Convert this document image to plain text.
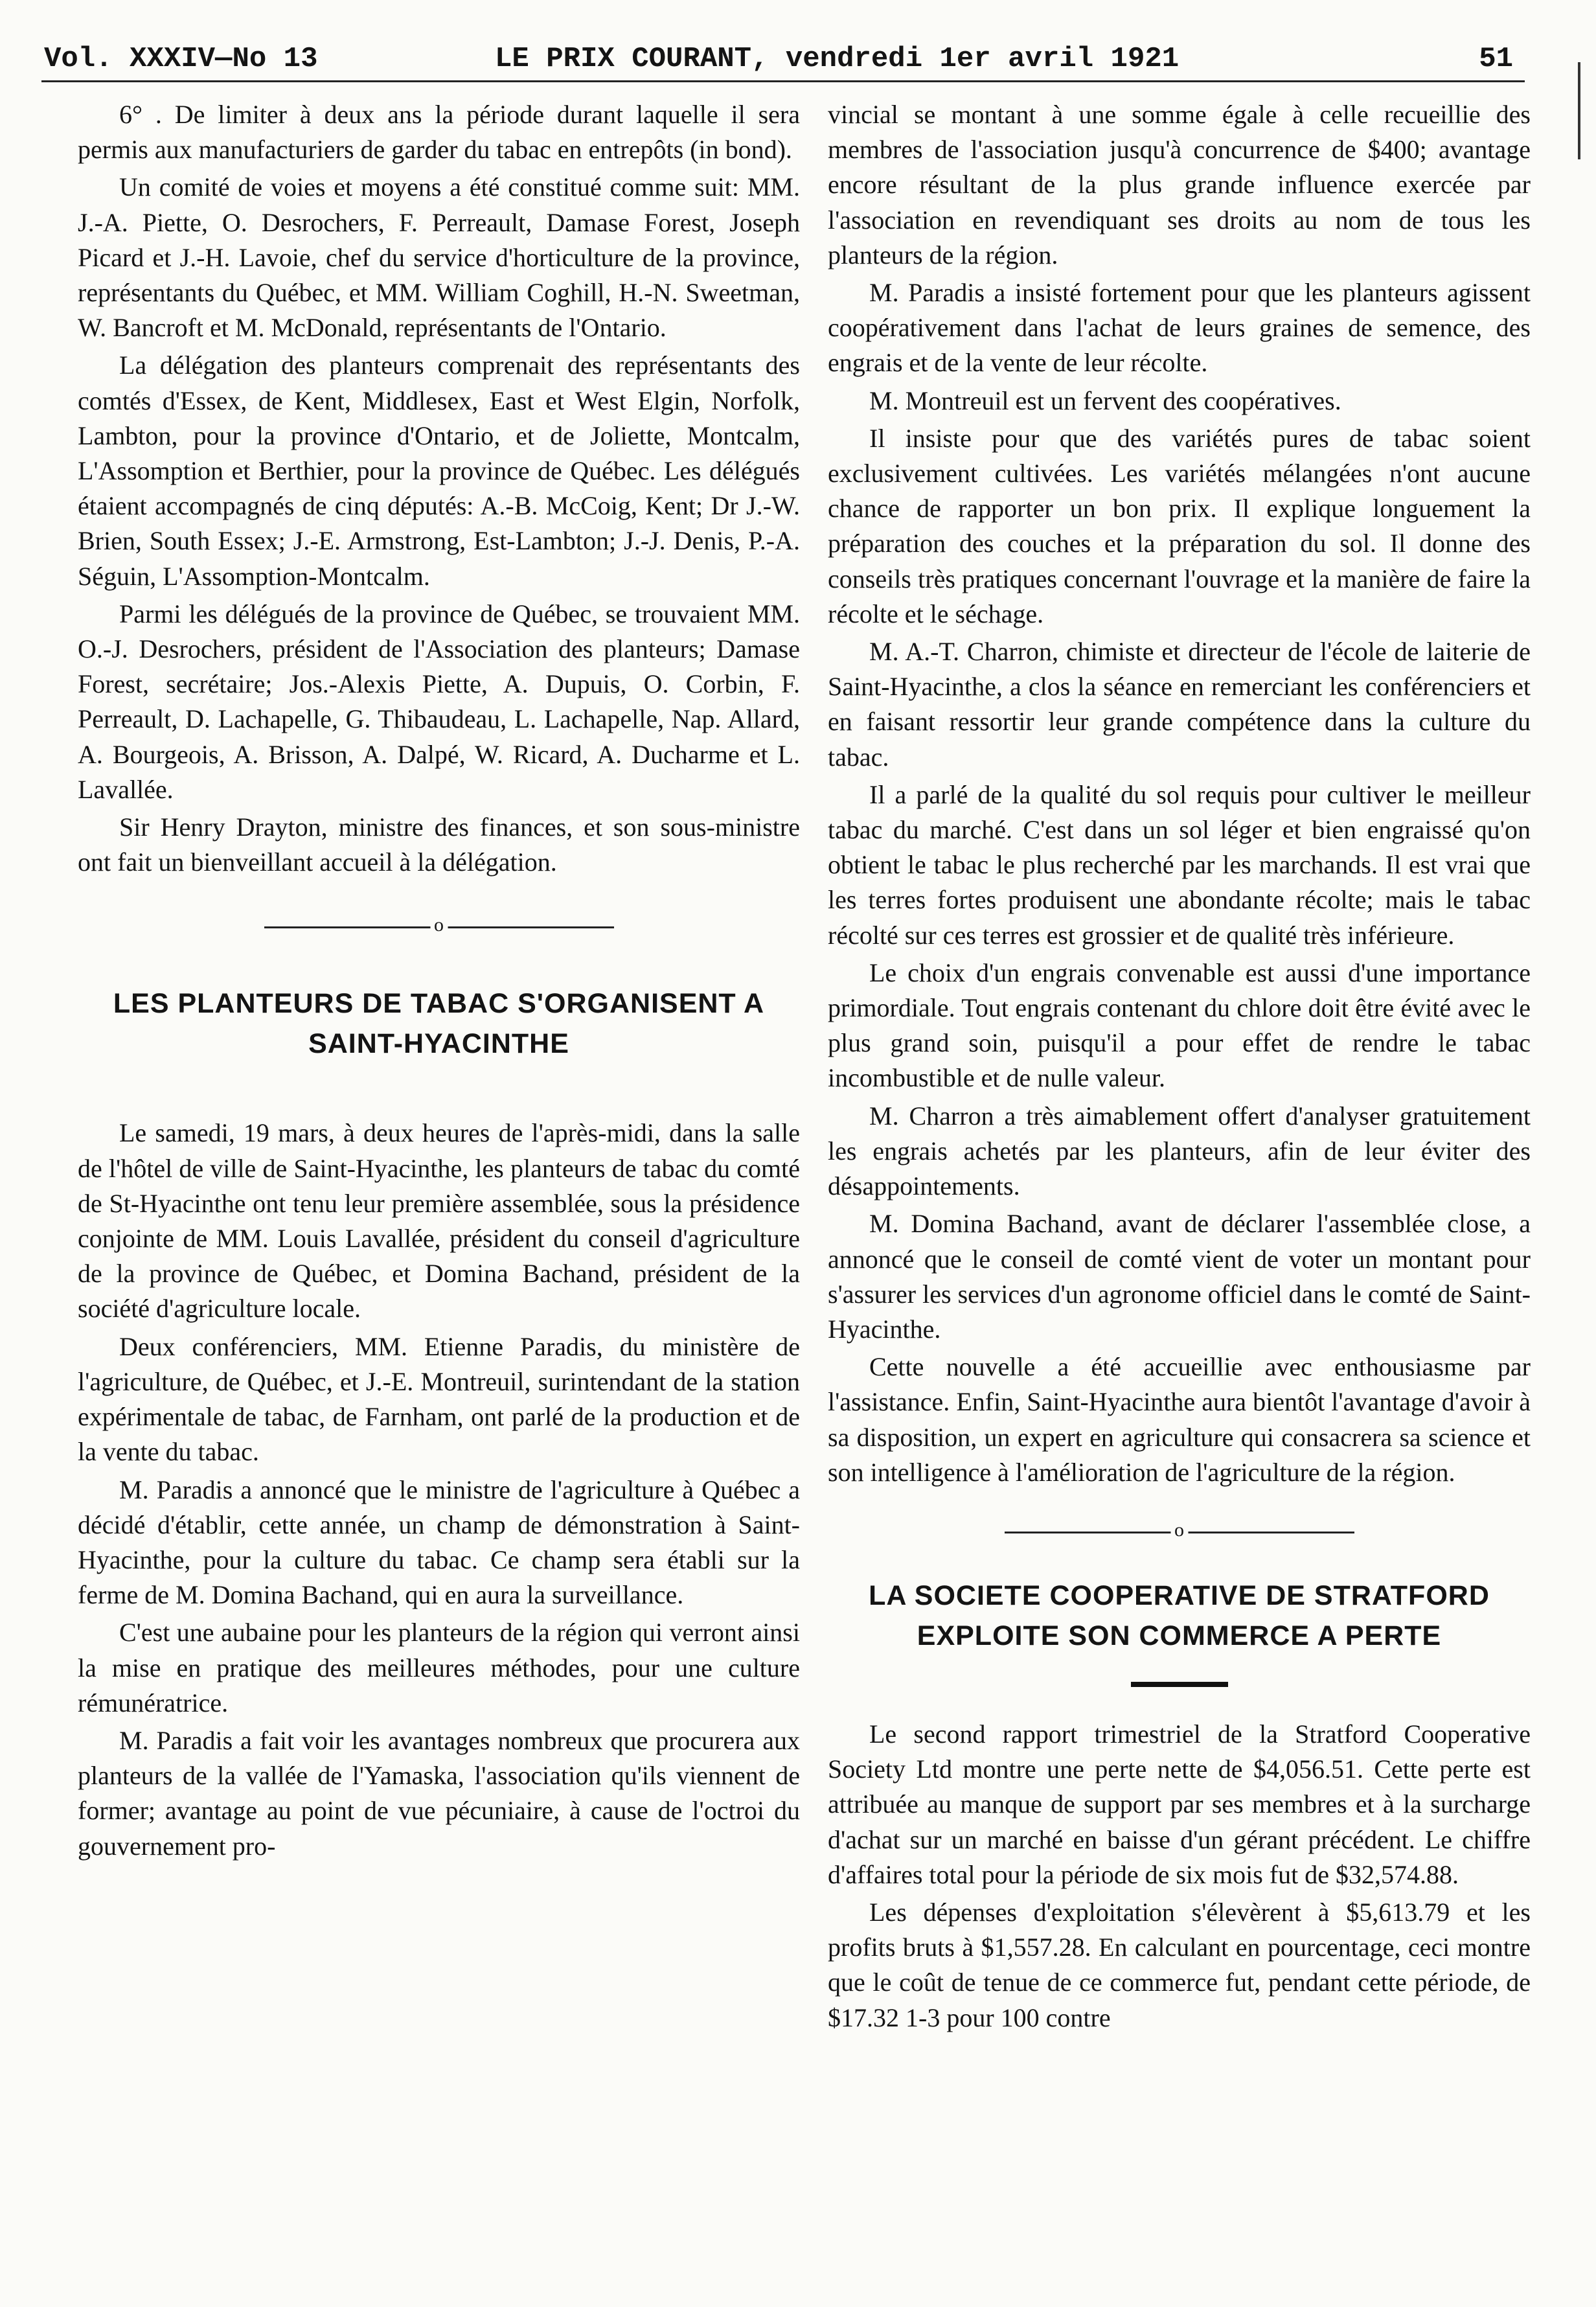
Vol. XXXIV—No 13	LE PRIX COURANT, vendredi 1er avril 1921	51

6° . De limiter à deux ans la période durant laquelle il sera permis aux manufacturiers de garder du tabac en entrepôts (in bond).

Un comité de voies et moyens a été constitué comme suit: MM. J.-A. Piette, O. Desrochers, F. Perreault, Damase Forest, Joseph Picard et J.-H. Lavoie, chef du service d'horticulture de la province, représentants du Québec, et MM. William Coghill, H.-N. Sweetman, W. Bancroft et M. McDonald, représentants de l'Ontario.

La délégation des planteurs comprenait des représentants des comtés d'Essex, de Kent, Middlesex, East et West Elgin, Norfolk, Lambton, pour la province d'Ontario, et de Joliette, Montcalm, L'Assomption et Berthier, pour la province de Québec. Les délégués étaient accompagnés de cinq députés: A.-B. McCoig, Kent; Dr J.-W. Brien, South Essex; J.-E. Armstrong, Est-Lambton; J.-J. Denis, P.-A. Séguin, L'Assomption-Montcalm.

Parmi les délégués de la province de Québec, se trouvaient MM. O.-J. Desrochers, président de l'Association des planteurs; Damase Forest, secrétaire; Jos.-Alexis Piette, A. Dupuis, O. Corbin, F. Perreault, D. Lachapelle, G. Thibaudeau, L. Lachapelle, Nap. Allard, A. Bourgeois, A. Brisson, A. Dalpé, W. Ricard, A. Ducharme et L. Lavallée.

Sir Henry Drayton, ministre des finances, et son sous-ministre ont fait un bienveillant accueil à la délégation.

o
LES PLANTEURS DE TABAC S'ORGANISENT A SAINT-HYACINTHE

Le samedi, 19 mars, à deux heures de l'après-midi, dans la salle de l'hôtel de ville de Saint-Hyacinthe, les planteurs de tabac du comté de St-Hyacinthe ont tenu leur première assemblée, sous la présidence conjointe de MM. Louis Lavallée, président du conseil d'agriculture de la province de Québec, et Domina Bachand, président de la société d'agriculture locale.

Deux conférenciers, MM. Etienne Paradis, du ministère de l'agriculture, de Québec, et J.-E. Montreuil, surintendant de la station expérimentale de tabac, de Farnham, ont parlé de la production et de la vente du tabac.

M. Paradis a annoncé que le ministre de l'agriculture à Québec a décidé d'établir, cette année, un champ de démonstration à Saint-Hyacinthe, pour la culture du tabac. Ce champ sera établi sur la ferme de M. Domina Bachand, qui en aura la surveillance.

C'est une aubaine pour les planteurs de la région qui verront ainsi la mise en pratique des meilleures méthodes, pour une culture rémunératrice.

M. Paradis a fait voir les avantages nombreux que procurera aux planteurs de la vallée de l'Yamaska, l'association qu'ils viennent de former; avantage au point de vue pécuniaire, à cause de l'octroi du gouvernement pro-

vincial se montant à une somme égale à celle recueillie des membres de l'association jusqu'à concurrence de $400; avantage encore résultant de la plus grande influence exercée par l'association en revendiquant ses droits au nom de tous les planteurs de la région.

M. Paradis a insisté fortement pour que les planteurs agissent coopérativement dans l'achat de leurs graines de semence, des engrais et de la vente de leur récolte.

M. Montreuil est un fervent des coopératives.

Il insiste pour que des variétés pures de tabac soient exclusivement cultivées. Les variétés mélangées n'ont aucune chance de rapporter un bon prix. Il explique longuement la préparation des couches et la préparation du sol. Il donne des conseils très pratiques concernant l'ouvrage et la manière de faire la récolte et le séchage.

M. A.-T. Charron, chimiste et directeur de l'école de laiterie de Saint-Hyacinthe, a clos la séance en remerciant les conférenciers et en faisant ressortir leur grande compétence dans la culture du tabac.

Il a parlé de la qualité du sol requis pour cultiver le meilleur tabac du marché. C'est dans un sol léger et bien engraissé qu'on obtient le tabac le plus recherché par les marchands. Il est vrai que les terres fortes produisent une abondante récolte; mais le tabac récolté sur ces terres est grossier et de qualité très inférieure.

Le choix d'un engrais convenable est aussi d'une importance primordiale. Tout engrais contenant du chlore doit être évité avec le plus grand soin, puisqu'il a pour effet de rendre le tabac incombustible et de nulle valeur.

M. Charron a très aimablement offert d'analyser gratuitement les engrais achetés par les planteurs, afin de leur éviter des désappointements.

M. Domina Bachand, avant de déclarer l'assemblée close, a annoncé que le conseil de comté vient de voter un montant pour s'assurer les services d'un agronome officiel dans le comté de Saint-Hyacinthe.

Cette nouvelle a été accueillie avec enthousiasme par l'assistance. Enfin, Saint-Hyacinthe aura bientôt l'avantage d'avoir à sa disposition, un expert en agriculture qui consacrera sa science et son intelligence à l'amélioration de l'agriculture de la région.

o
LA SOCIETE COOPERATIVE DE STRATFORD EXPLOITE SON COMMERCE A PERTE

Le second rapport trimestriel de la Stratford Cooperative Society Ltd montre une perte nette de $4,056.51. Cette perte est attribuée au manque de support par ses membres et à la surcharge d'achat sur un marché en baisse d'un gérant précédent. Le chiffre d'affaires total pour la période de six mois fut de $32,574.88.

Les dépenses d'exploitation s'élevèrent à $5,613.79 et les profits bruts à $1,557.28. En calculant en pourcentage, ceci montre que le coût de tenue de ce commerce fut, pendant cette période, de $17.32 1-3 pour 100 contre
